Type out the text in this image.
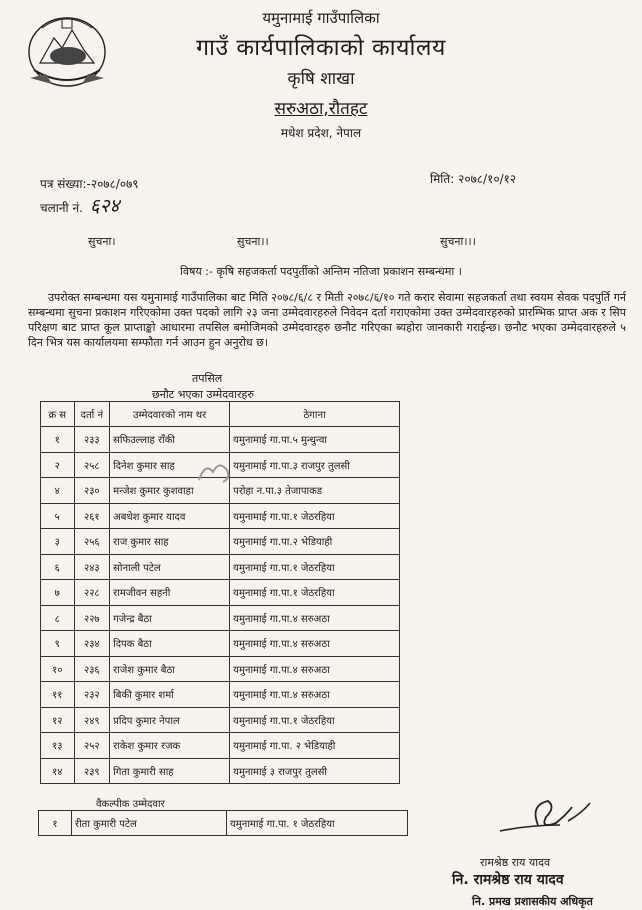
यमुनामाई गाउँपालिका
गाउँ कार्यपालिकाको कार्यालय
कृषि शाखा
सरुअठा,रौतहट
मधेश प्रदेश, नेपाल
पत्र संख्या:-२०७८/०७९
चलानी नं. ६२४
मिति: २०७८/१०/१२
सुचना।	सुचना।।	सुचना।।।
विषय :- कृषि सहजकर्ता पदपुर्तीको अन्तिम नतिजा प्रकाशन सम्बन्धमा ।
उपरोक्त सम्बन्धमा यस यमुनामाई गाउँपालिका बाट मिति २०७८/६/८ र मिती २०७८/६/१० गते करार सेवामा सहजकर्ता तथा स्वयम सेवक पदपुर्ति गर्न सम्बन्धमा सुचना प्रकाशन गरिएकोमा उक्त पदको लागि २३ जना उम्मेदवारहरुले निवेदन दर्ता गराएकोमा उक्त उम्मेदवारहरुको प्रारम्भिक प्राप्त अक र सिप परिक्षण बाट प्राप्त कूल प्राप्ताङ्को आधारमा तपसिल बमोजिमको उम्मेदवारहरु छनौट गरिएका ब्यहोरा जानकारी गराईन्छ। छनौट भएका उम्मेदवारहरुले ५ दिन भित्र यस कार्यालयमा सम्फौता गर्न आउन हुन अनुरोध छ।
तपसिल
छनौट भएका उम्मेदवारहरु
क्र स	दर्ता नं	उम्मेदवारको नाम थर	ठेगाना
१	२३३	सफिउल्लाह राँकी	यमुनामाई गा.पा.५ मुन्धुन्वा
२	२५८	दिनेश कुमार साह	यमुनामाई गा.पा.३ राजपुर तुलसी
४	२३०	मन्जेश कुमार कुशवाहा	परोहा न.पा.३ तेजापाकड
५	२६१	अबधेश कुमार यादव	यमुनामाई गा.पा.१ जेठरहिया
३	२५६	राज कुमार साह	यमुनामाई गा.पा.२ भेडियाही
६	२४३	सोनाली पटेल	यमुनामाई गा.पा.१ जेठरहिया
७	२२८	रामजीवन सहनी	यमुनामाई गा.पा.१ जेठरहिया
८	२२७	गजेन्द्र बैठा	यमुनामाई गा.पा.४ सरुअठा
९	२३४	दिपक बैठा	यमुनामाई गा.पा.४ सरुअठा
१०	२३६	राजेश कुमार बैठा	यमुनामाई गा.पा.४ सरुअठा
११	२३२	बिकी कुमार शर्मा	यमुनामाई गा.पा.४ सरुअठा
१२	२४९	प्रदिप कुमार नेपाल	यमुनामाई गा.पा.१ जेठरहिया
१३	२५२	राकेश कुमार रजक	यमुनामाई गा.पा. २ भेडियाही
१४	२३९	गिता कुमारी साह	यमुनामाई ३ राजपुर तुलसी
वैकल्पीक उम्मेदवार
१	रीता कुमारी पटेल	यमुनामाई गा.पा. १ जेठरहिया
रामश्रेष्ठ राय यादव
नि. रामश्रेष्ठ राय यादव
नि. प्रमख प्रशासकीय अधिकृत
